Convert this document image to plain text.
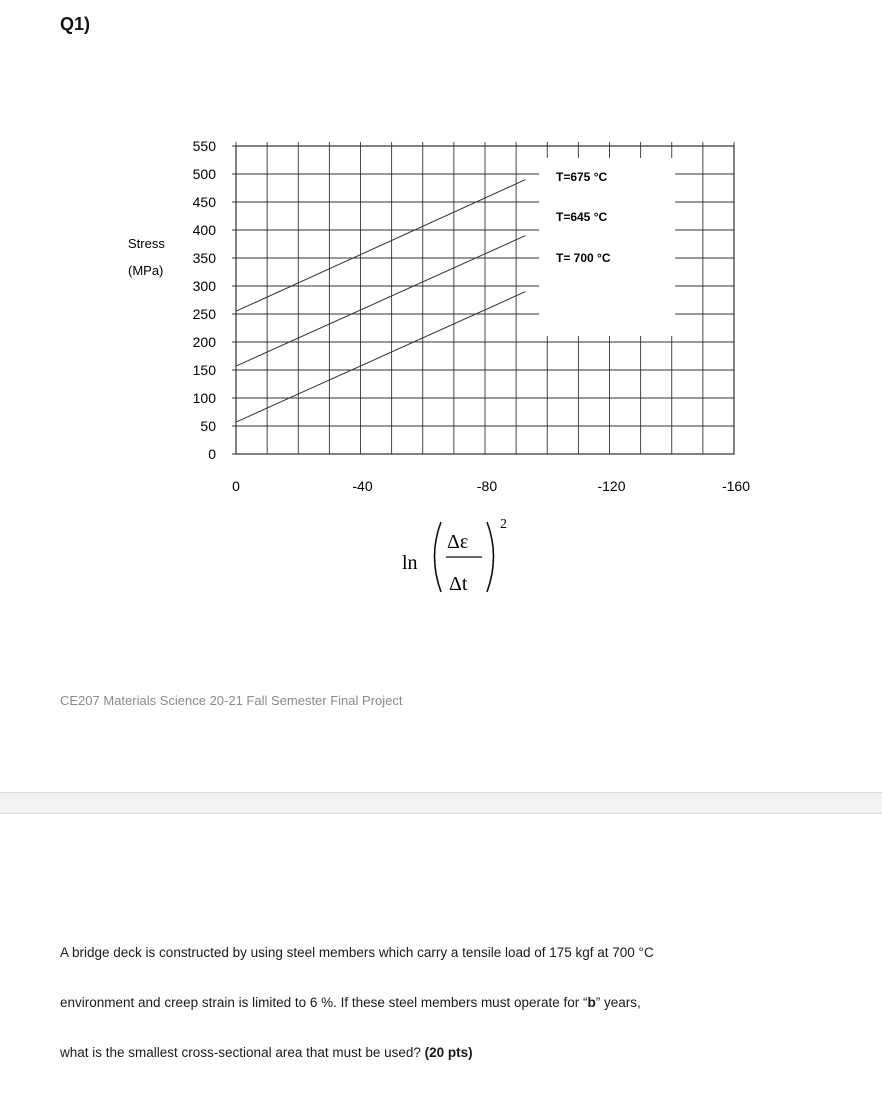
Q1)
T=675 °C
T=645 °C
T= 700 °C
550
500
450
400
350
300
250
200
150
100
50
0
0	-40	-80	-120	-160
Stress
(MPa)
ln
Δε
Δt
2
CE207 Materials Science 20-21 Fall Semester Final Project
A bridge deck is constructed by using steel members which carry a tensile load of 175 kgf at 700 °C
environment and creep strain is limited to 6 %. If these steel members must operate for “b” years,
what is the smallest cross-sectional area that must be used? (20 pts)
